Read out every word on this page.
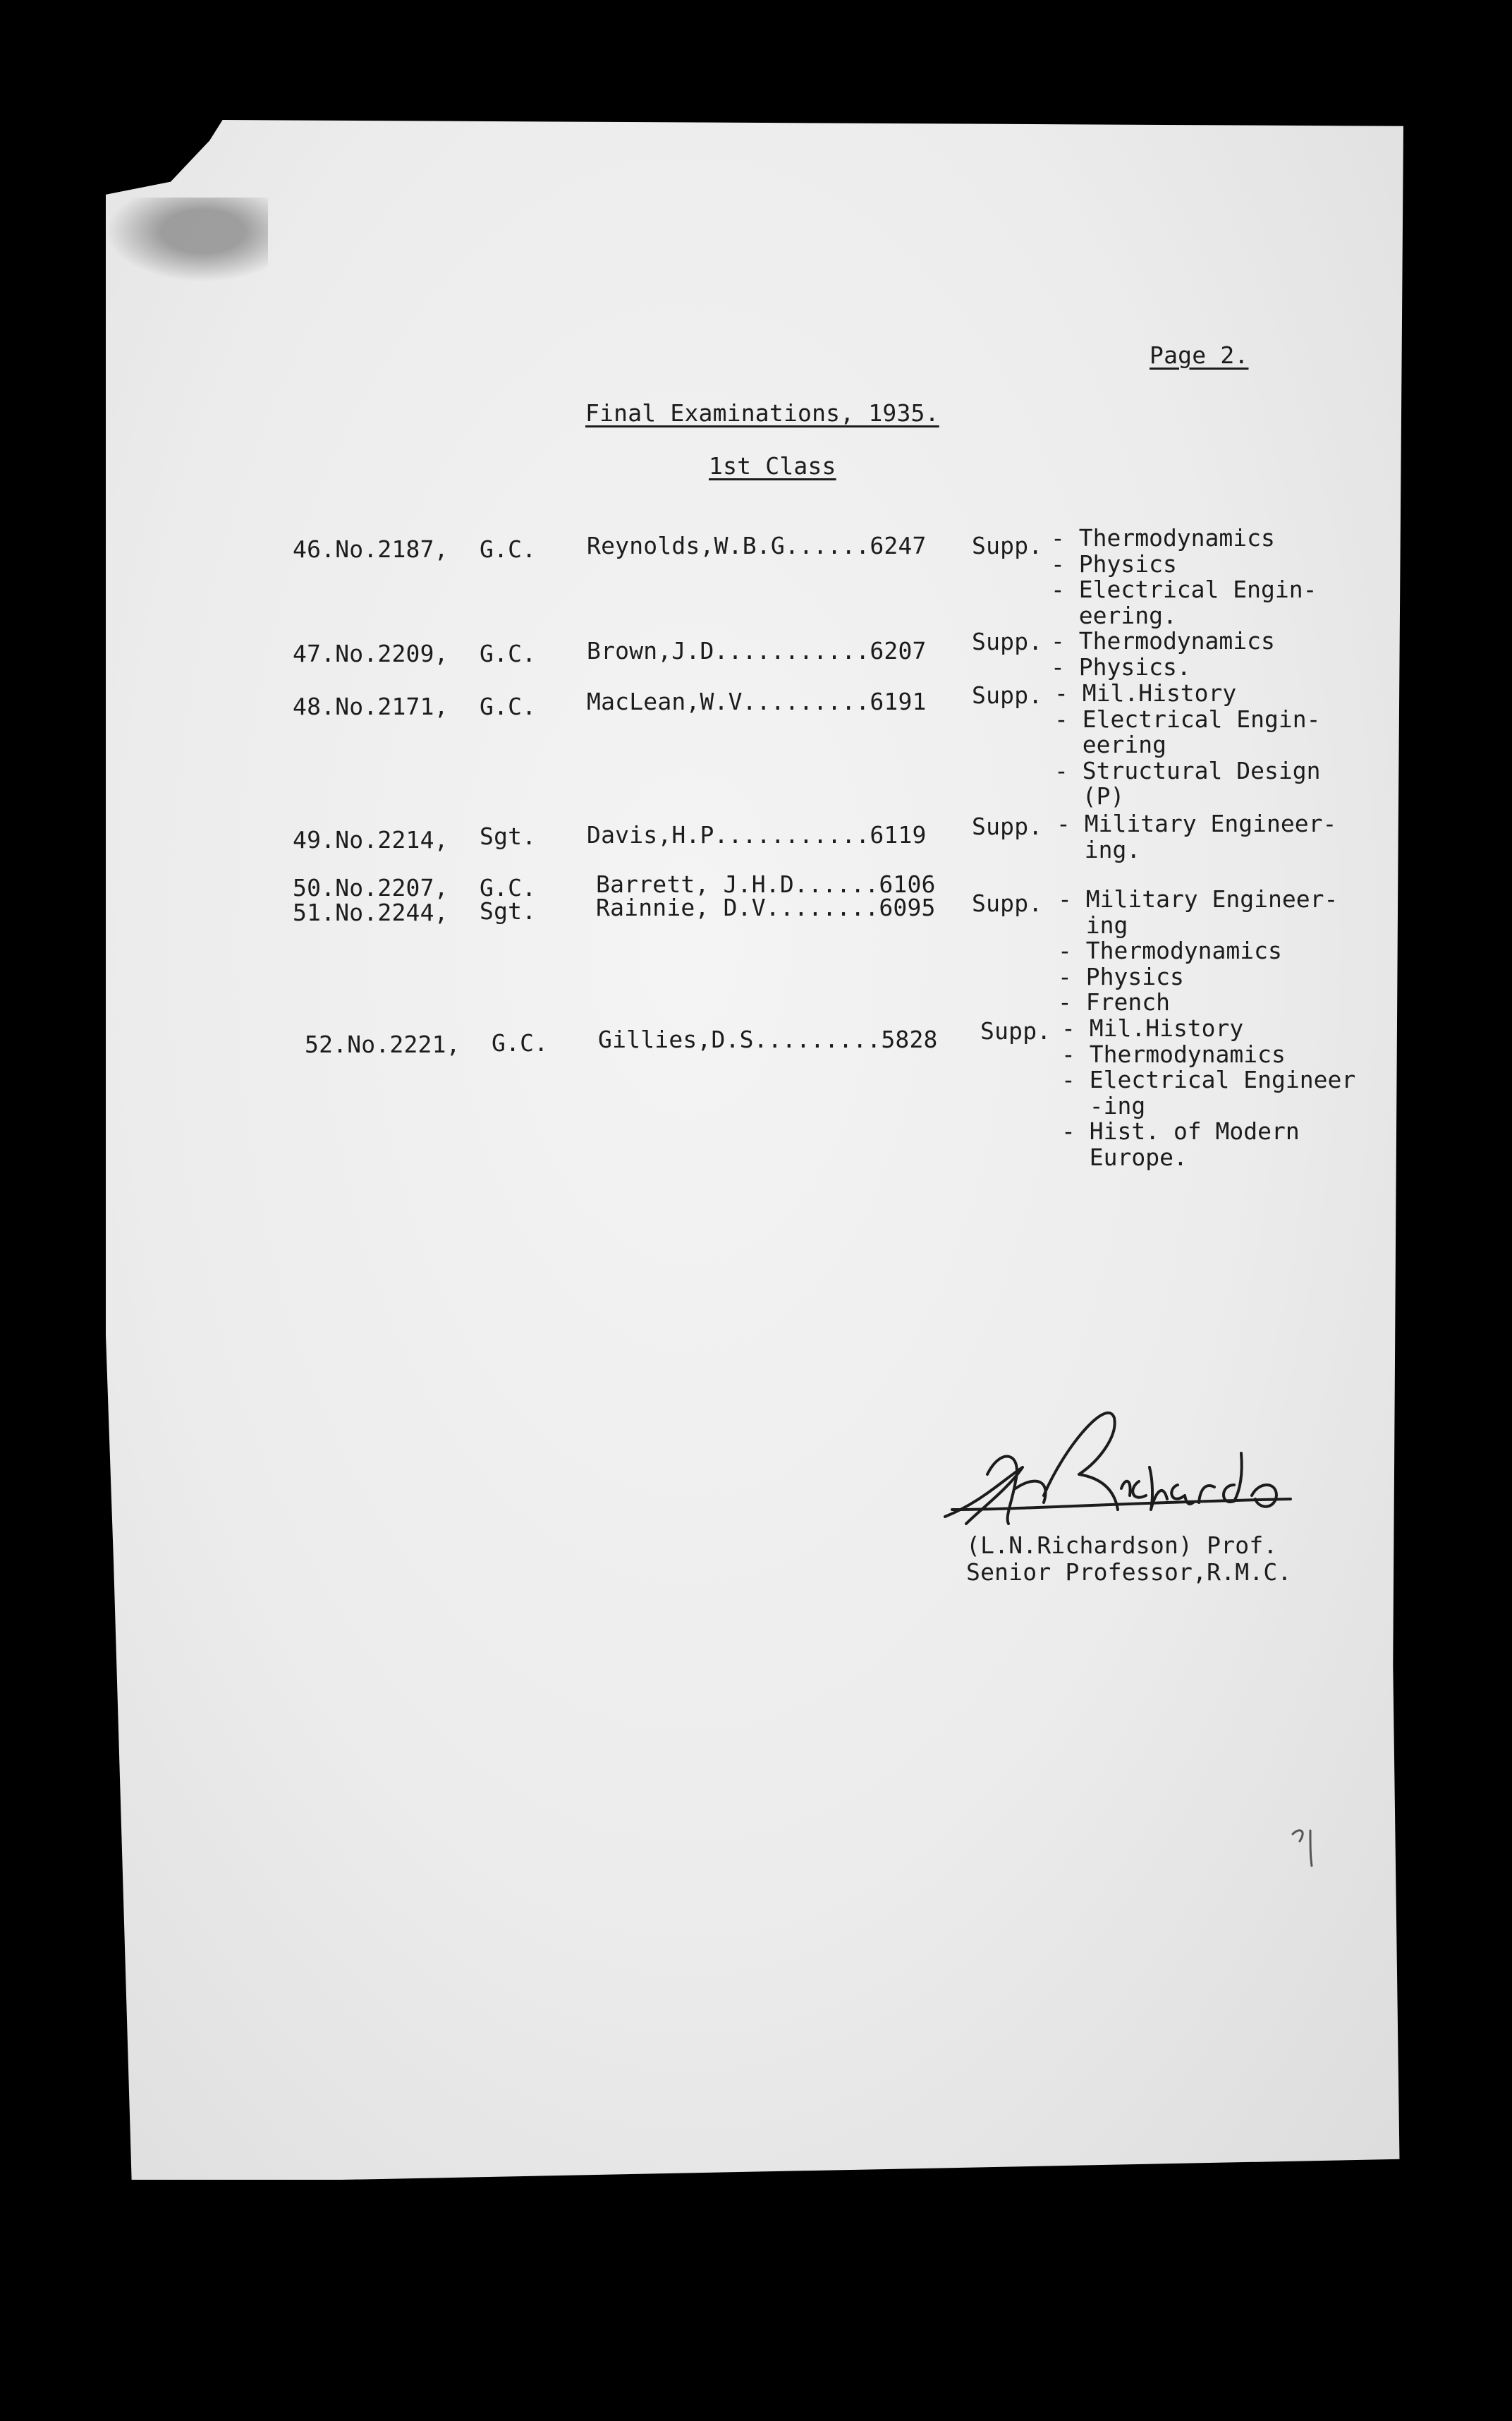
Page 2.
Final Examinations, 1935.
1st Class
46.No.2187, G.C. Reynolds,W.B.G......6247 Supp. - Thermodynamics
- Physics
- Electrical Engin-
eering.
47.No.2209, G.C. Brown,J.D...........6207 Supp. - Thermodynamics
- Physics.
48.No.2171, G.C. MacLean,W.V.........6191 Supp. - Mil.History
- Electrical Engin-
eering
- Structural Design
(P)
49.No.2214, Sgt. Davis,H.P...........6119 Supp. - Military Engineer-
ing.
50.No.2207, G.C.	Barrett, J.H.D......6106
51.No.2244, Sgt.	Rainnie, D.V........6095 Supp. - Military Engineer-
ing
- Thermodynamics
- Physics
- French
52.No.2221, G.C. Gillies,D.S.........5828 Supp. - Mil.History
- Thermodynamics
- Electrical Engineer
-ing
- Hist. of Modern
Europe.
(L.N.Richardson) Prof.
Senior Professor,R.M.C.
